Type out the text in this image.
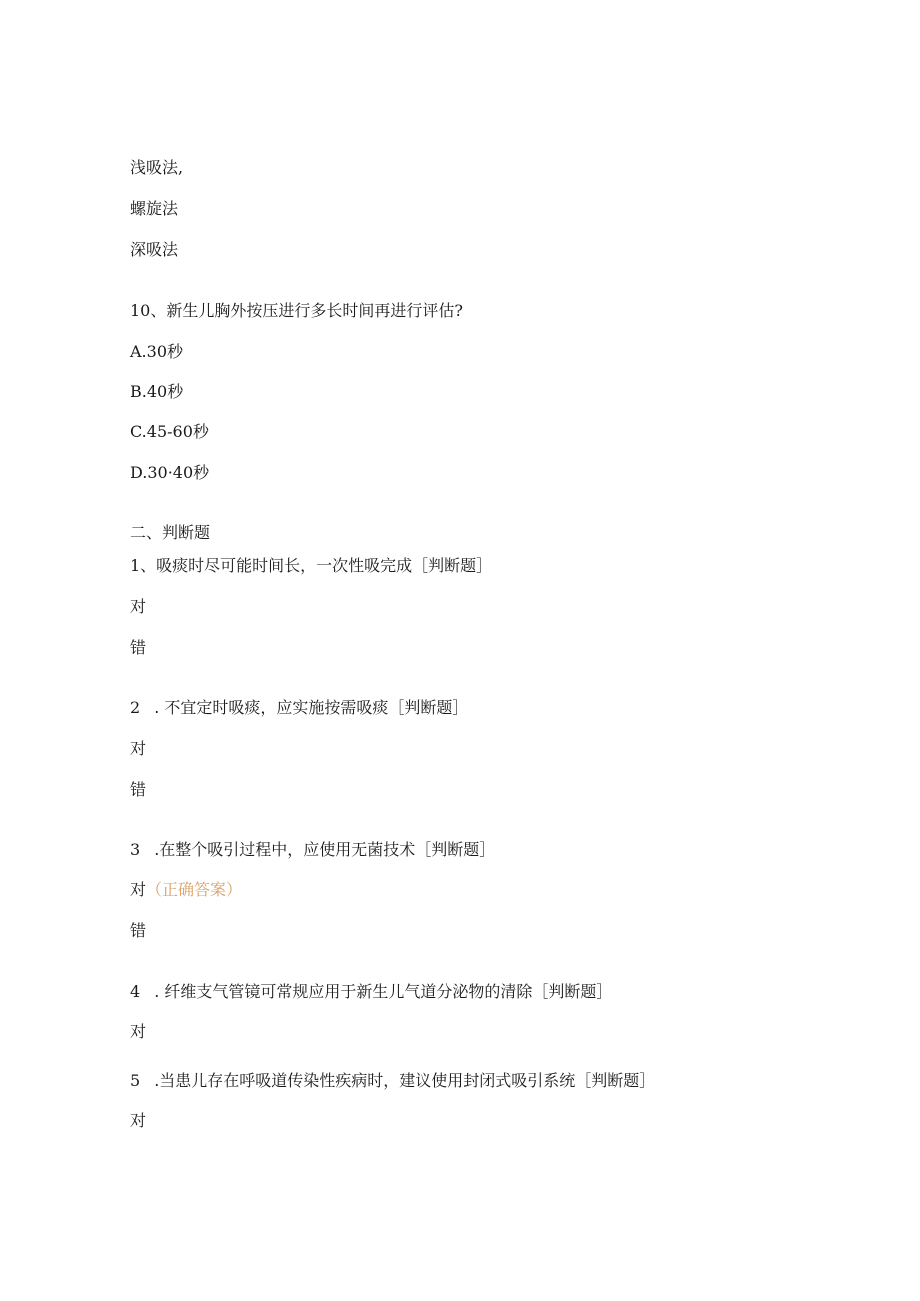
浅吸法,
螺旋法
深吸法
10、新生儿胸外按压进行多长时间再进行评估?
A.30秒
B.40秒
C.45-60秒
D.30·40秒
二、判断题
1、吸痰时尽可能时间长，一次性吸完成［判断题］
对
错
2 . 不宜定时吸痰，应实施按需吸痰［判断题］
对
错
3 .在整个吸引过程中，应使用无菌技术［判断题］
对（正确答案）
错
4 . 纤维支气管镜可常规应用于新生儿气道分泌物的清除［判断题］
对
5 .当患儿存在呼吸道传染性疾病时，建议使用封闭式吸引系统［判断题］
对
